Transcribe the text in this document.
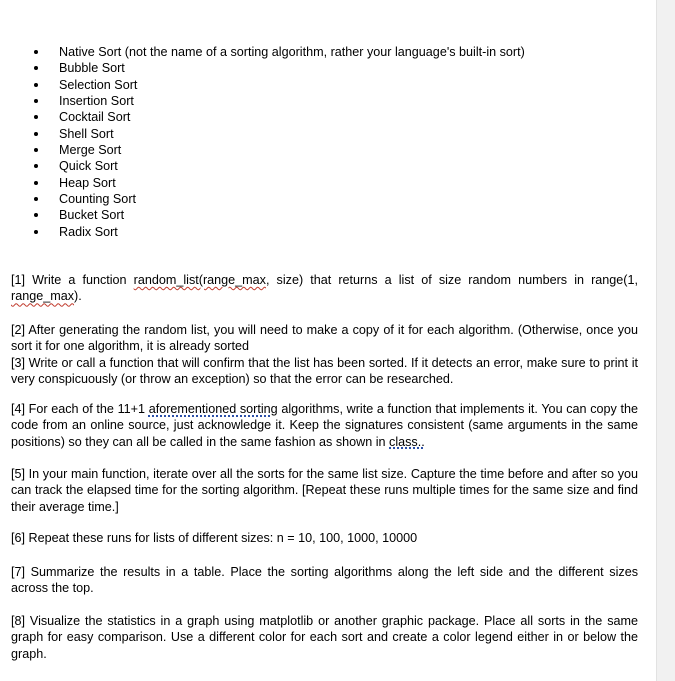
Native Sort (not the name of a sorting algorithm, rather your language's built-in sort)
Bubble Sort
Selection Sort
Insertion Sort
Cocktail Sort
Shell Sort
Merge Sort
Quick Sort
Heap Sort
Counting Sort
Bucket Sort
Radix Sort

[1] Write a function random_list(range_max, size) that returns a list of size random numbers in range(1, range_max).

[2] After generating the random list, you will need to make a copy of it for each algorithm. (Otherwise, once you sort it for one algorithm, it is already sorted

[3] Write or call a function that will confirm that the list has been sorted. If it detects an error, make sure to print it very conspicuously (or throw an exception) so that the error can be researched.

[4] For each of the 11+1 aforementioned sorting algorithms, write a function that implements it. You can copy the code from an online source, just acknowledge it. Keep the signatures consistent (same arguments in the same positions) so they can all be called in the same fashion as shown in class..

[5] In your main function, iterate over all the sorts for the same list size. Capture the time before and after so you can track the elapsed time for the sorting algorithm. [Repeat these runs multiple times for the same size and find their average time.]

[6] Repeat these runs for lists of different sizes: n = 10, 100, 1000, 10000

[7] Summarize the results in a table. Place the sorting algorithms along the left side and the different sizes across the top.

[8] Visualize the statistics in a graph using matplotlib or another graphic package. Place all sorts in the same graph for easy comparison. Use a different color for each sort and create a color legend either in or below the graph.
